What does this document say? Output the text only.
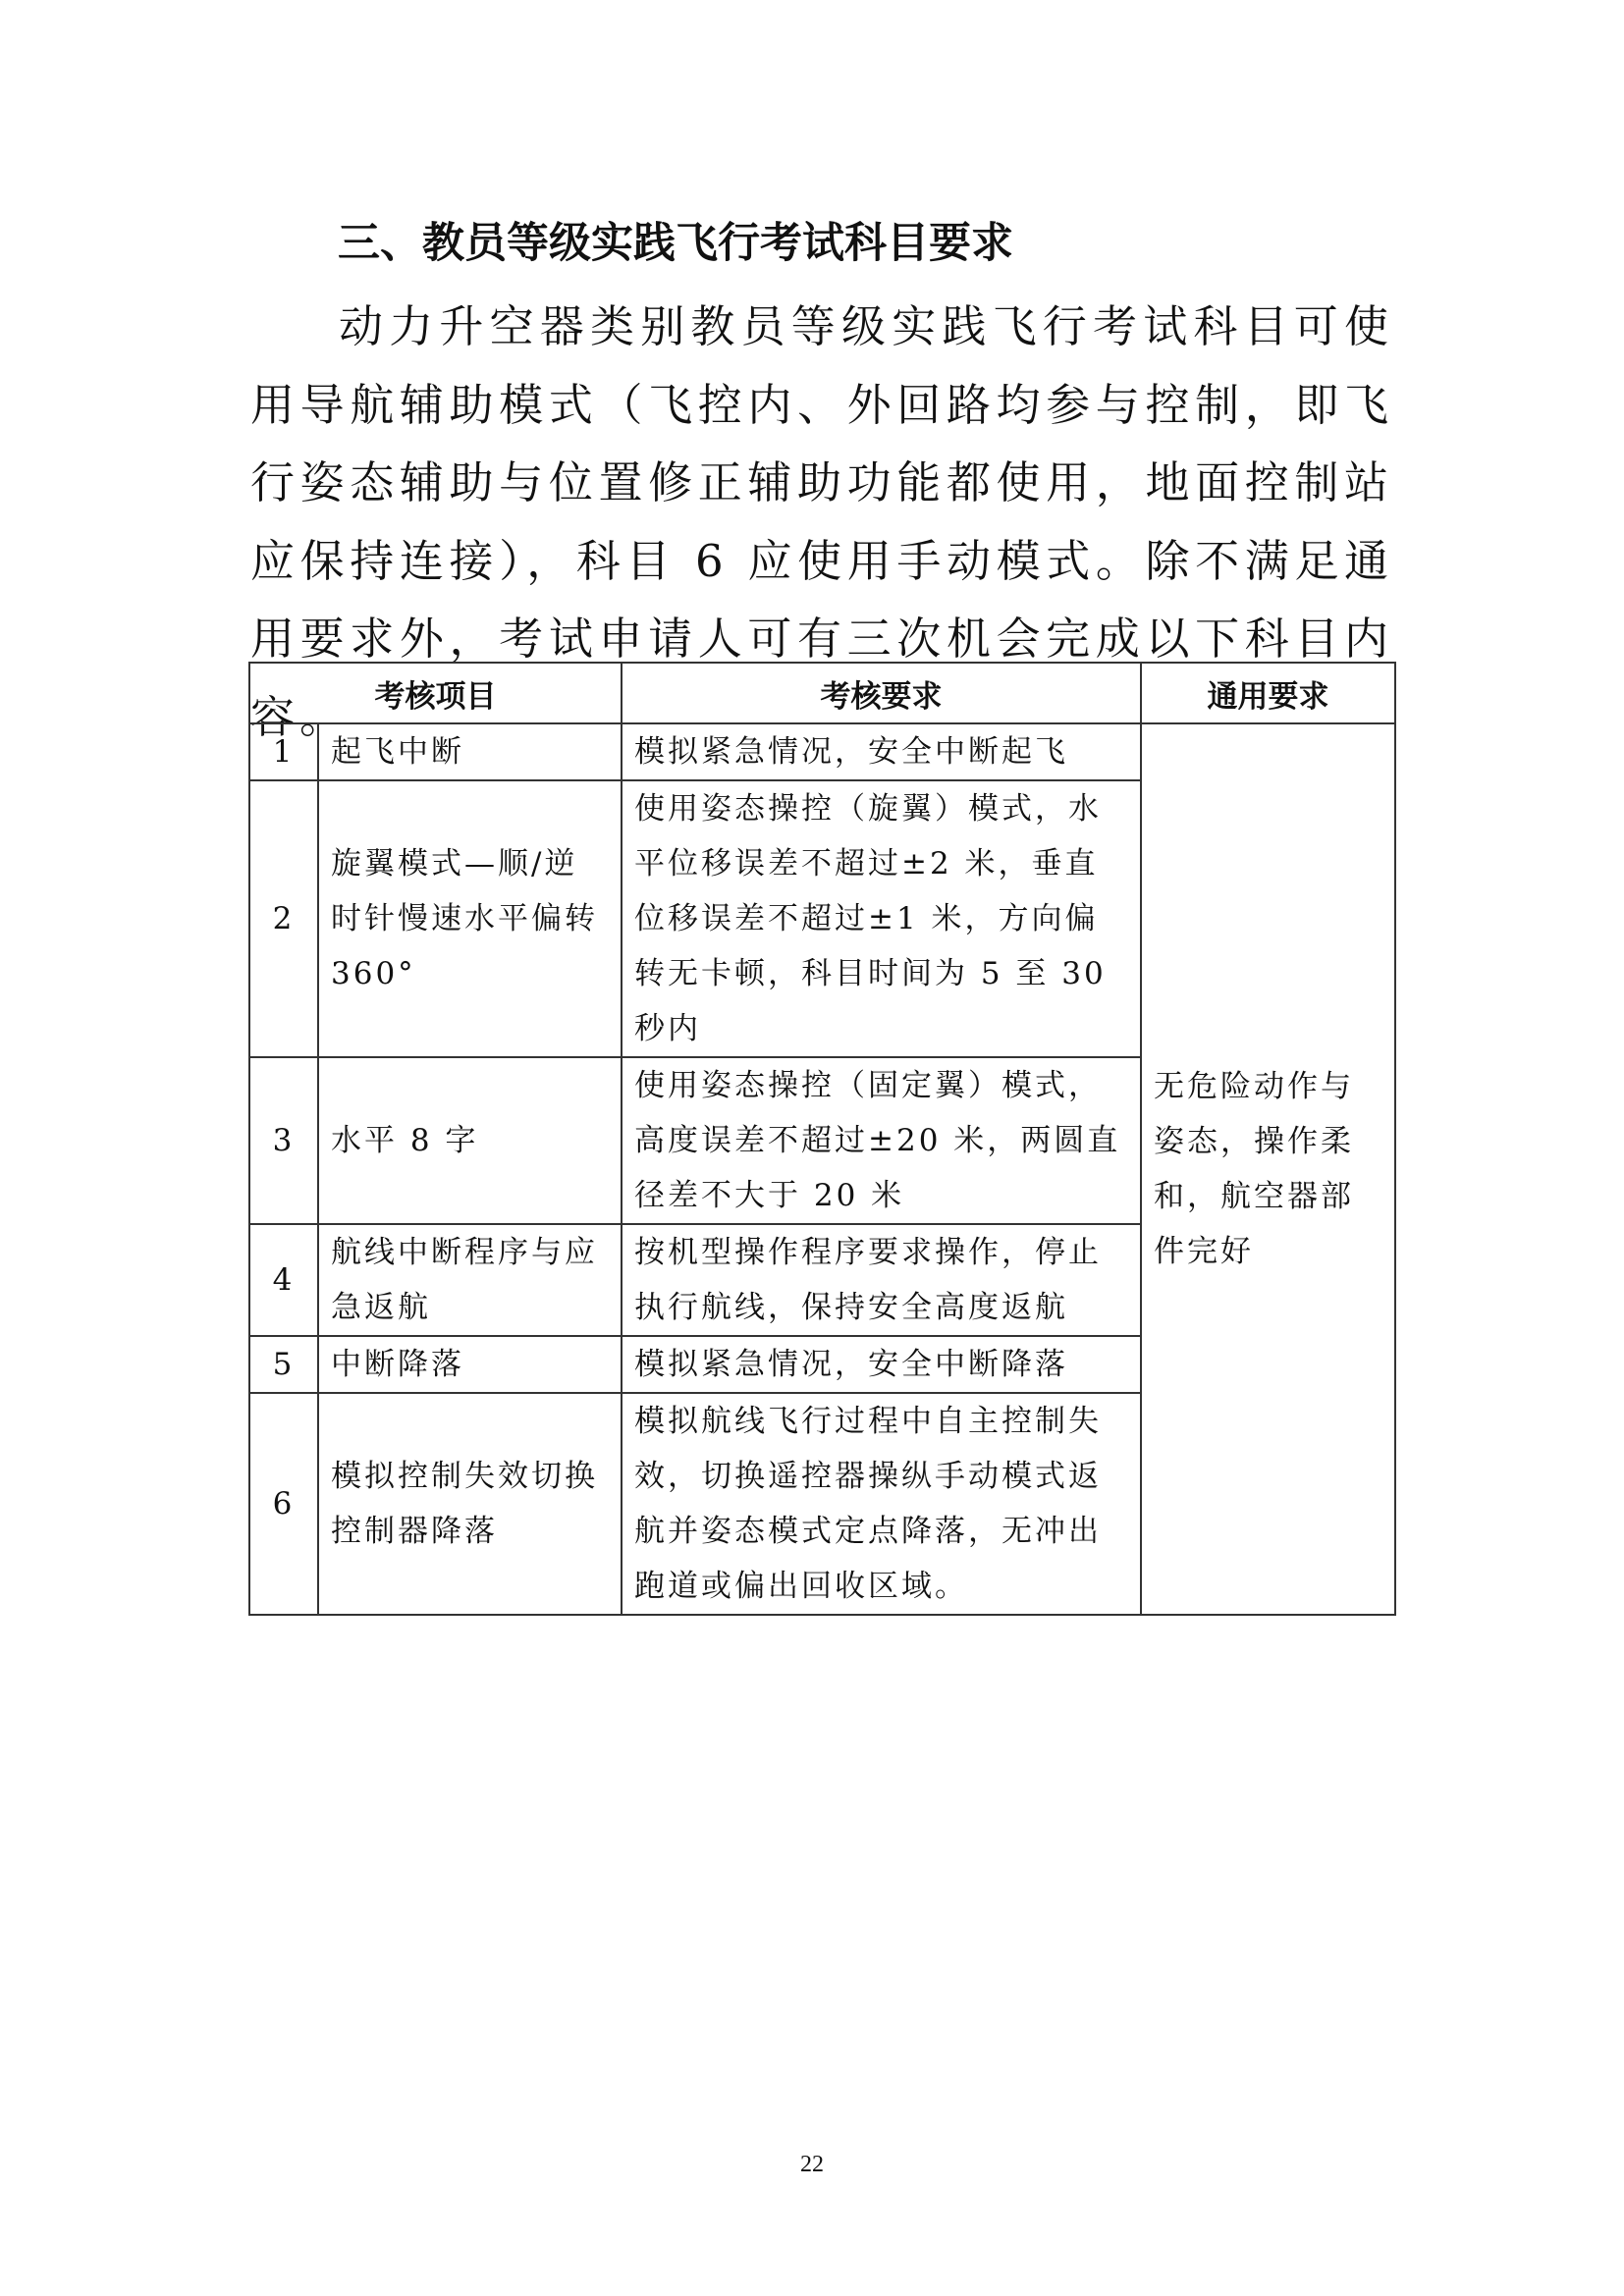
三、教员等级实践飞行考试科目要求

动力升空器类别教员等级实践飞行考试科目可使用导航辅助模式（飞控内、外回路均参与控制，即飞行姿态辅助与位置修正辅助功能都使用，地面控制站应保持连接），科目 6 应使用手动模式。除不满足通用要求外，考试申请人可有三次机会完成以下科目内容。 考核项目		考核要求	通用要求
1	起飞中断	模拟紧急情况，安全中断起飞	无危险动作与姿态，操作柔和，航空器部件完好
2	旋翼模式—顺/逆时针慢速水平偏转 360°	使用姿态操控（旋翼）模式，水平位移误差不超过±2 米，垂直位移误差不超过±1 米，方向偏转无卡顿，科目时间为 5 至 30 秒内	
3	水平 8 字	使用姿态操控（固定翼）模式，高度误差不超过±20 米，两圆直径差不大于 20 米	
4	航线中断程序与应急返航	按机型操作程序要求操作，停止执行航线，保持安全高度返航	
5	中断降落	模拟紧急情况，安全中断降落	
6	模拟控制失效切换控制器降落	模拟航线飞行过程中自主控制失效，切换遥控器操纵手动模式返航并姿态模式定点降落，无冲出跑道或偏出回收区域。	
22
